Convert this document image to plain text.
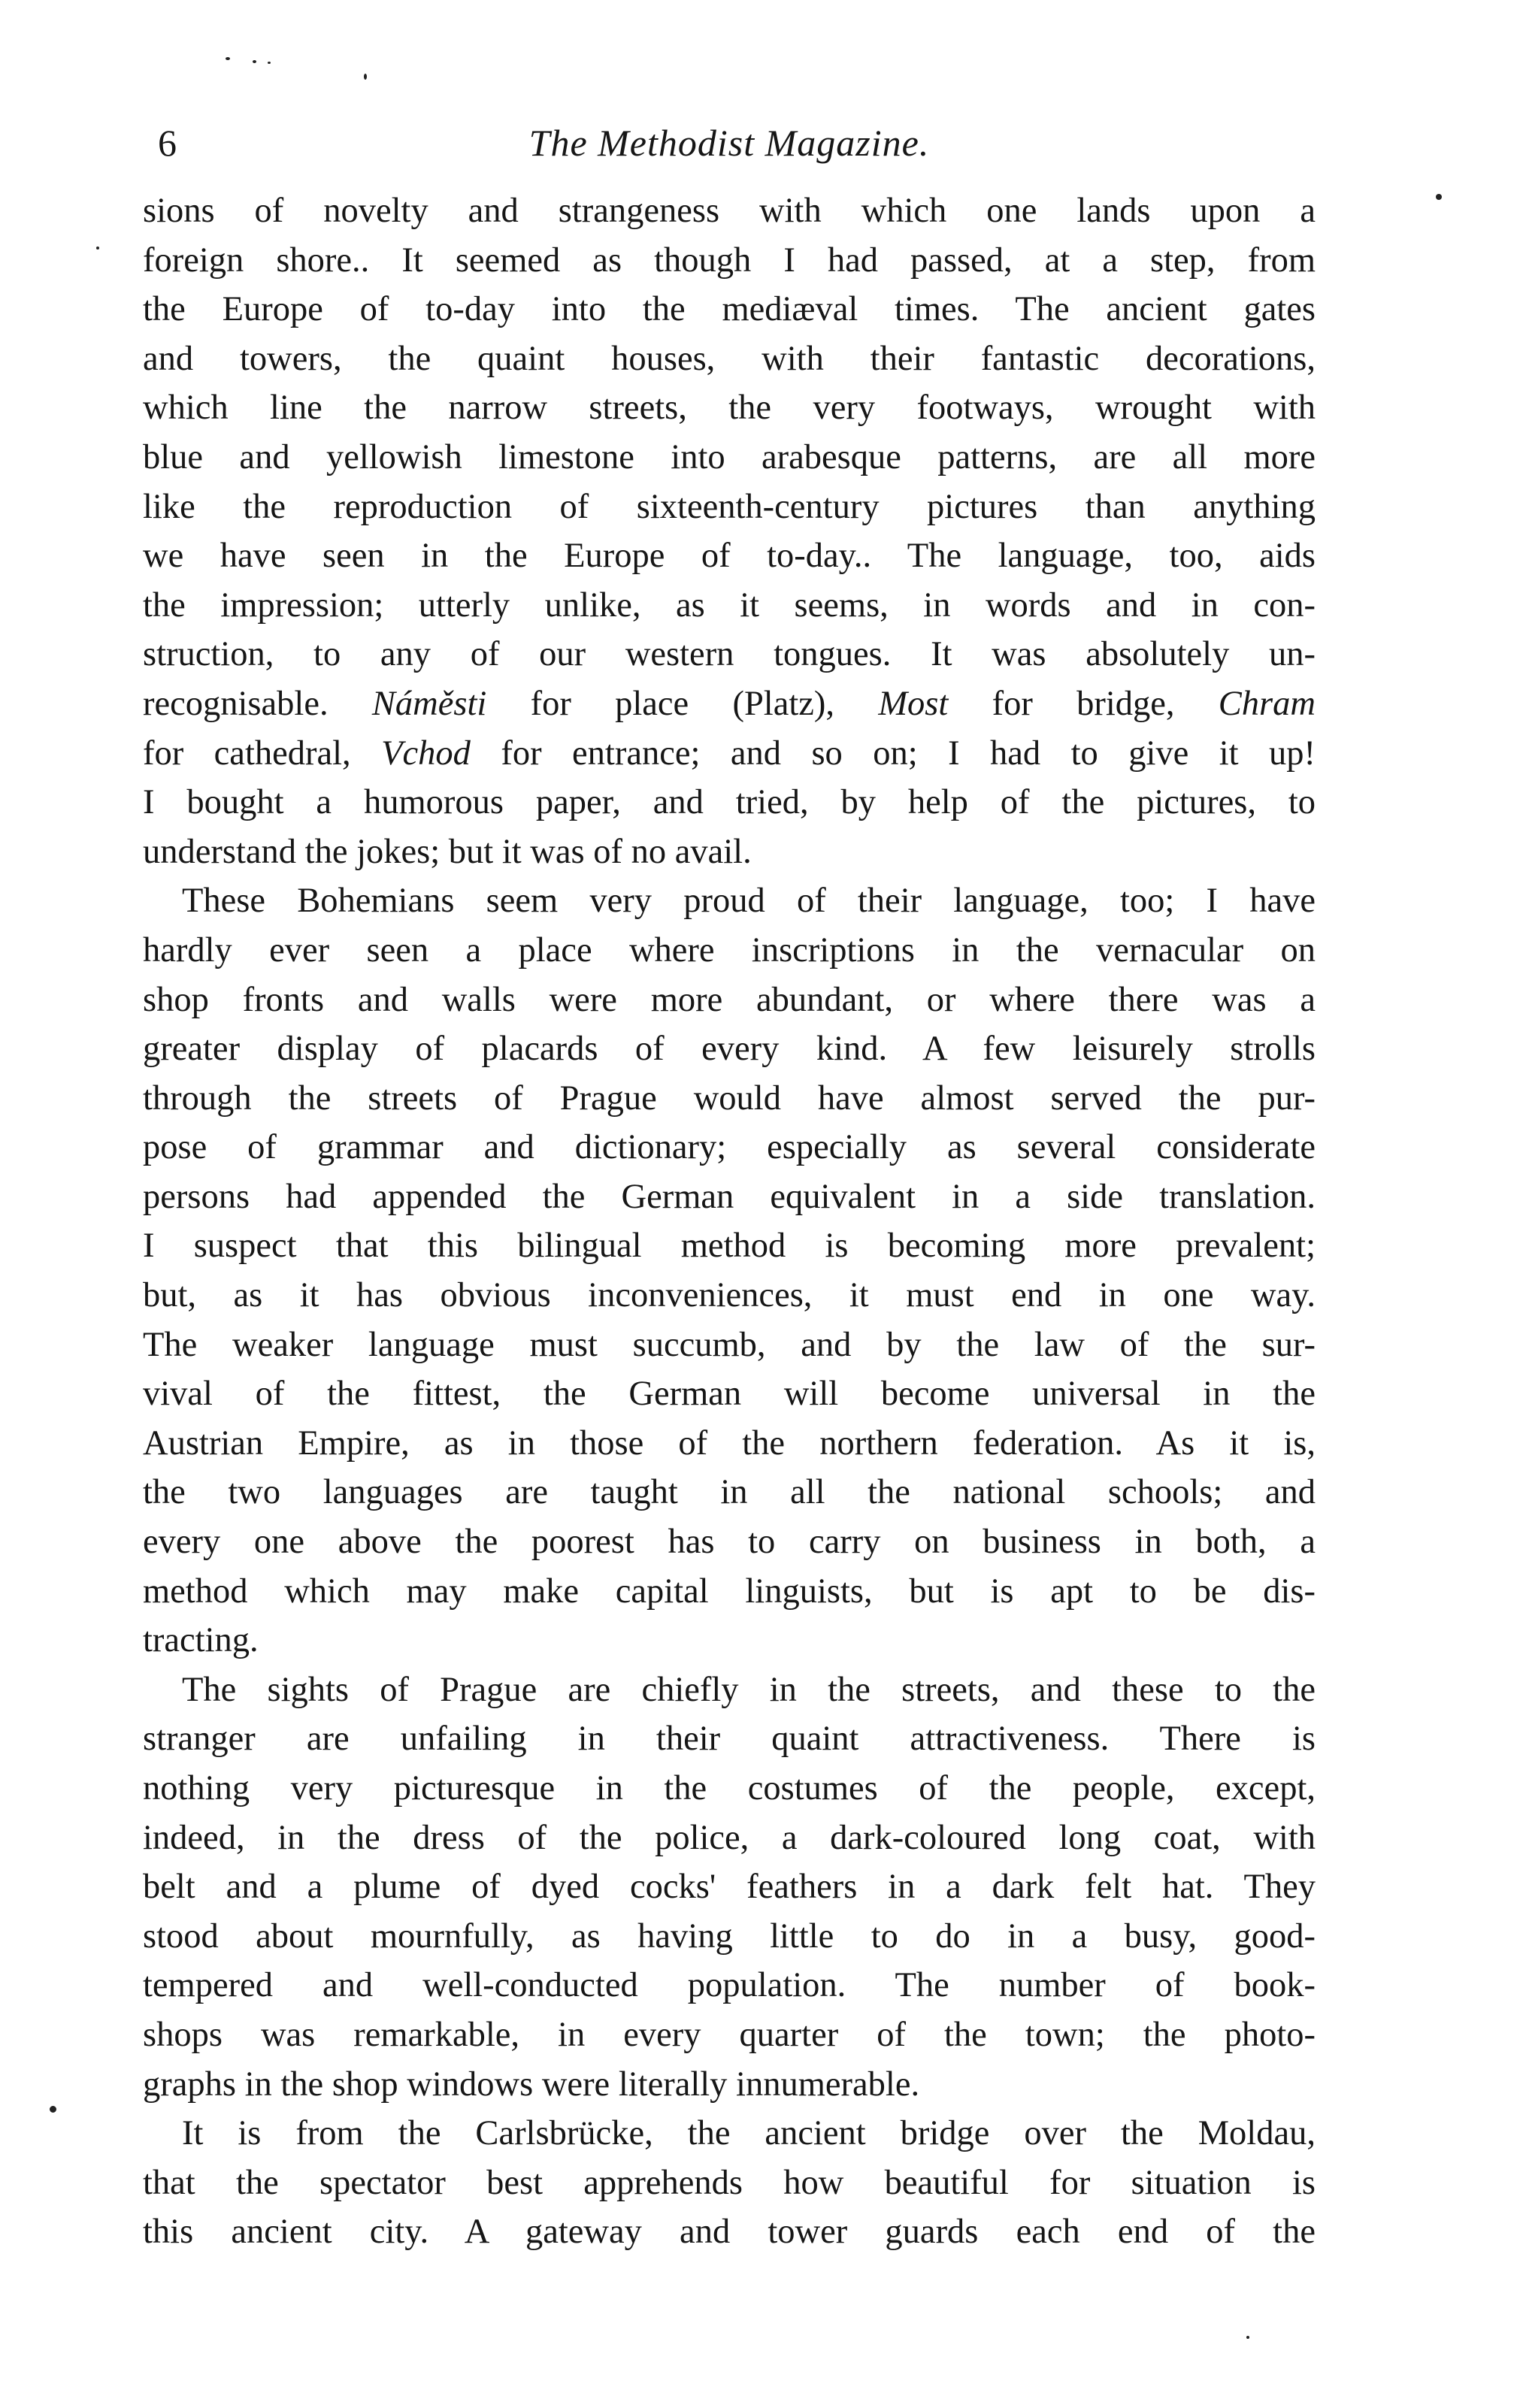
6	The Methodist Magazine.

sions of novelty and strangeness with which one lands upon a
foreign shore.. It seemed as though I had passed, at a step, from
the Europe of to-day into the mediæval times. The ancient gates
and towers, the quaint houses, with their fantastic decorations,
which line the narrow streets, the very footways, wrought with
blue and yellowish limestone into arabesque patterns, are all more
like the reproduction of sixteenth-century pictures than anything
we have seen in the Europe of to-day.. The language, too, aids
the impression; utterly unlike, as it seems, in words and in con-
struction, to any of our western tongues. It was absolutely un-
recognisable. Náměsti for place (Platz), Most for bridge, Chram
for cathedral, Vchod for entrance; and so on; I had to give it up!
I bought a humorous paper, and tried, by help of the pictures, to
understand the jokes; but it was of no avail.

These Bohemians seem very proud of their language, too; I have
hardly ever seen a place where inscriptions in the vernacular on
shop fronts and walls were more abundant, or where there was a
greater display of placards of every kind. A few leisurely strolls
through the streets of Prague would have almost served the pur-
pose of grammar and dictionary; especially as several considerate
persons had appended the German equivalent in a side translation.
I suspect that this bilingual method is becoming more prevalent;
but, as it has obvious inconveniences, it must end in one way.
The weaker language must succumb, and by the law of the sur-
vival of the fittest, the German will become universal in the
Austrian Empire, as in those of the northern federation. As it is,
the two languages are taught in all the national schools; and
every one above the poorest has to carry on business in both, a
method which may make capital linguists, but is apt to be dis-
tracting.

The sights of Prague are chiefly in the streets, and these to the
stranger are unfailing in their quaint attractiveness. There is
nothing very picturesque in the costumes of the people, except,
indeed, in the dress of the police, a dark-coloured long coat, with
belt and a plume of dyed cocks' feathers in a dark felt hat. They
stood about mournfully, as having little to do in a busy, good-
tempered and well-conducted population. The number of book-
shops was remarkable, in every quarter of the town; the photo-
graphs in the shop windows were literally innumerable.

It is from the Carlsbrücke, the ancient bridge over the Moldau,
that the spectator best apprehends how beautiful for situation is
this ancient city. A gateway and tower guards each end of the
